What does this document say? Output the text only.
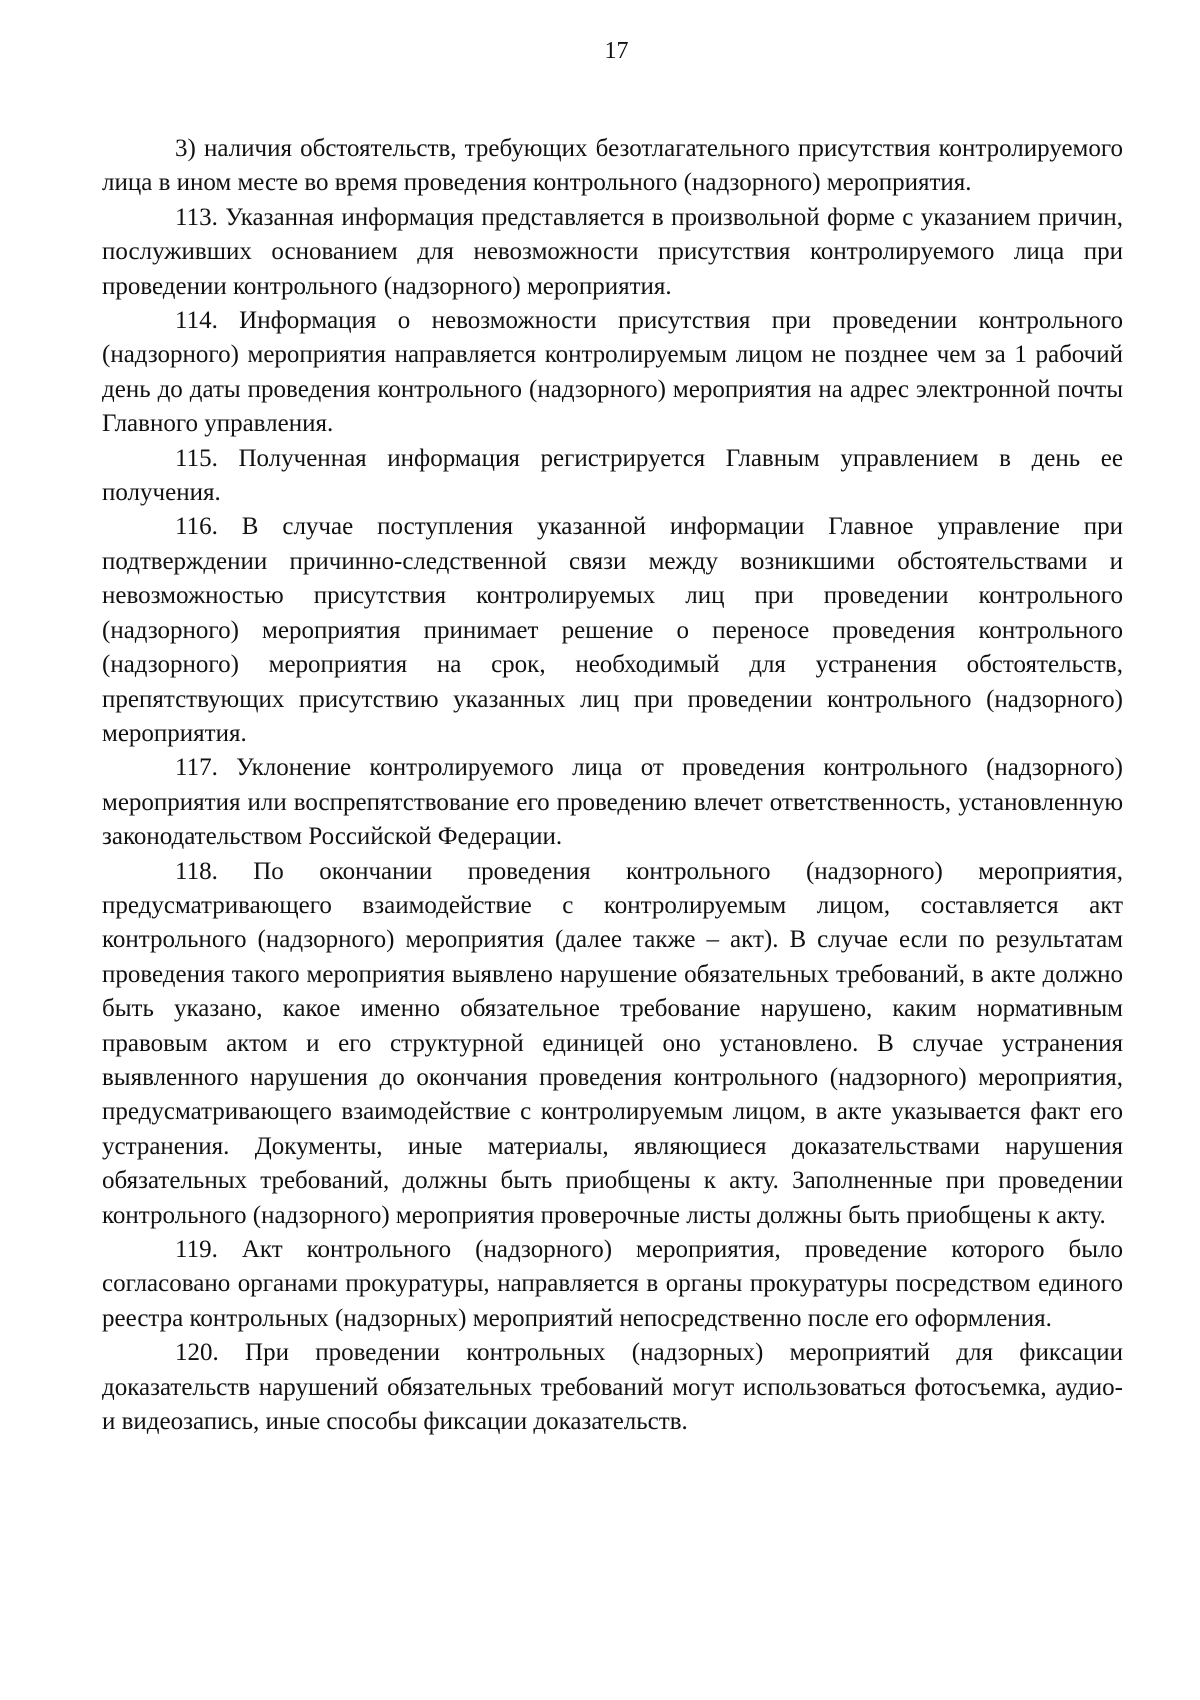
17

3) наличия обстоятельств, требующих безотлагательного присутствия контролируемого лица в ином месте во время проведения контрольного (надзорного) мероприятия.

113. Указанная информация представляется в произвольной форме с указанием причин, послуживших основанием для невозможности присутствия контролируемого лица при проведении контрольного (надзорного) мероприятия.

114. Информация о невозможности присутствия при проведении контрольного (надзорного) мероприятия направляется контролируемым лицом не позднее чем за 1 рабочий день до даты проведения контрольного (надзорного) мероприятия на адрес электронной почты Главного управления.

115. Полученная информация регистрируется Главным управлением в день ее получения.

116. В случае поступления указанной информации Главное управление при подтверждении причинно-следственной связи между возникшими обстоятельствами и невозможностью присутствия контролируемых лиц при проведении контрольного (надзорного) мероприятия принимает решение о переносе проведения контрольного (надзорного) мероприятия на срок, необходимый для устранения обстоятельств, препятствующих присутствию указанных лиц при проведении контрольного (надзорного) мероприятия.

117. Уклонение контролируемого лица от проведения контрольного (надзорного) мероприятия или воспрепятствование его проведению влечет ответственность, установленную законодательством Российской Федерации.

118. По окончании проведения контрольного (надзорного) мероприятия, предусматривающего взаимодействие с контролируемым лицом, составляется акт контрольного (надзорного) мероприятия (далее также – акт). В случае если по результатам проведения такого мероприятия выявлено нарушение обязательных требований, в акте должно быть указано, какое именно обязательное требование нарушено, каким нормативным правовым актом и его структурной единицей оно установлено. В случае устранения выявленного нарушения до окончания проведения контрольного (надзорного) мероприятия, предусматривающего взаимодействие с контролируемым лицом, в акте указывается факт его устранения. Документы, иные материалы, являющиеся доказательствами нарушения обязательных требований, должны быть приобщены к акту. Заполненные при проведении контрольного (надзорного) мероприятия проверочные листы должны быть приобщены к акту.

119. Акт контрольного (надзорного) мероприятия, проведение которого было согласовано органами прокуратуры, направляется в органы прокуратуры посредством единого реестра контрольных (надзорных) мероприятий непосредственно после его оформления.

120. При проведении контрольных (надзорных) мероприятий для фиксации доказательств нарушений обязательных требований могут использоваться фотосъемка, аудио- и видеозапись, иные способы фиксации доказательств.
